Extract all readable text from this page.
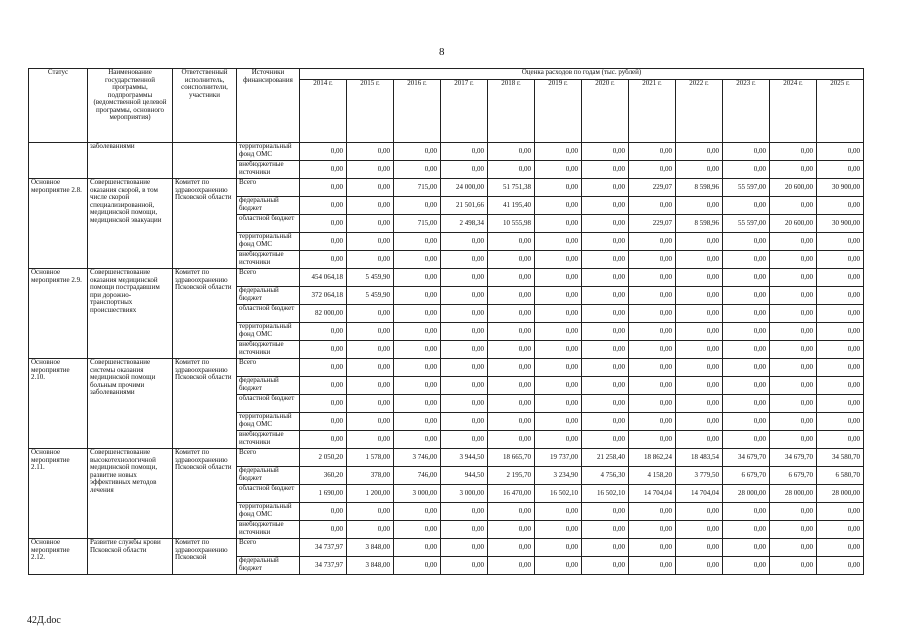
8
Статус	Наименование государственной программы, подпрограммы (ведомственной целевой программы, основного мероприятия)	Ответственный исполнитель, соисполнители, участники	Источники финансирования	Оценка расходов по годам (тыс. рублей)											
				2014 г.	2015 г.	2016 г.	2017 г.	2018 г.	2019 г.	2020 г.	2021 г.	2022 г.	2023 г.	2024 г.	2025 г.
	заболеваниями		территориальный фонд ОМС	0,00	0,00	0,00	0,00	0,00	0,00	0,00	0,00	0,00	0,00	0,00	0,00
			внебюджетные источники	0,00	0,00	0,00	0,00	0,00	0,00	0,00	0,00	0,00	0,00	0,00	0,00
Основное мероприятие 2.8.	Совершенствование оказания скорой, в том числе скорой специализированной, медицинской помощи, медицинской эвакуации	Комитет по здравоохранению Псковской области	Всего	0,00	0,00	715,00	24 000,00	51 751,38	0,00	0,00	229,07	8 598,96	55 597,00	20 600,00	30 900,00
			федеральный бюджет	0,00	0,00	0,00	21 501,66	41 195,40	0,00	0,00	0,00	0,00	0,00	0,00	0,00
			областной бюджет	0,00	0,00	715,00	2 498,34	10 555,98	0,00	0,00	229,07	8 598,96	55 597,00	20 600,00	30 900,00
			территориальный фонд ОМС	0,00	0,00	0,00	0,00	0,00	0,00	0,00	0,00	0,00	0,00	0,00	0,00
			внебюджетные источники	0,00	0,00	0,00	0,00	0,00	0,00	0,00	0,00	0,00	0,00	0,00	0,00
Основное мероприятие 2.9.	Совершенствование оказания медицинской помощи пострадавшим при дорожно-транспортных происшествиях	Комитет по здравоохранению Псковской области	Всего	454 064,18	5 459,90	0,00	0,00	0,00	0,00	0,00	0,00	0,00	0,00	0,00	0,00
			федеральный бюджет	372 064,18	5 459,90	0,00	0,00	0,00	0,00	0,00	0,00	0,00	0,00	0,00	0,00
			областной бюджет	82 000,00	0,00	0,00	0,00	0,00	0,00	0,00	0,00	0,00	0,00	0,00	0,00
			территориальный фонд ОМС	0,00	0,00	0,00	0,00	0,00	0,00	0,00	0,00	0,00	0,00	0,00	0,00
			внебюджетные источники	0,00	0,00	0,00	0,00	0,00	0,00	0,00	0,00	0,00	0,00	0,00	0,00
Основное мероприятие 2.10.	Совершенствование системы оказания медицинской помощи больным прочими заболеваниями	Комитет по здравоохранению Псковской области	Всего	0,00	0,00	0,00	0,00	0,00	0,00	0,00	0,00	0,00	0,00	0,00	0,00
			федеральный бюджет	0,00	0,00	0,00	0,00	0,00	0,00	0,00	0,00	0,00	0,00	0,00	0,00
			областной бюджет	0,00	0,00	0,00	0,00	0,00	0,00	0,00	0,00	0,00	0,00	0,00	0,00
			территориальный фонд ОМС	0,00	0,00	0,00	0,00	0,00	0,00	0,00	0,00	0,00	0,00	0,00	0,00
			внебюджетные источники	0,00	0,00	0,00	0,00	0,00	0,00	0,00	0,00	0,00	0,00	0,00	0,00
Основное мероприятие 2.11.	Совершенствование высокотехнологичной медицинской помощи, развитие новых эффективных методов лечения	Комитет по здравоохранению Псковской области	Всего	2 050,20	1 578,00	3 746,00	3 944,50	18 665,70	19 737,00	21 258,40	18 862,24	18 483,54	34 679,70	34 679,70	34 580,70
			федеральный бюджет	360,20	378,00	746,00	944,50	2 195,70	3 234,90	4 756,30	4 158,20	3 779,50	6 679,70	6 679,70	6 580,70
			областной бюджет	1 690,00	1 200,00	3 000,00	3 000,00	16 470,00	16 502,10	16 502,10	14 704,04	14 704,04	28 000,00	28 000,00	28 000,00
			территориальный фонд ОМС	0,00	0,00	0,00	0,00	0,00	0,00	0,00	0,00	0,00	0,00	0,00	0,00
			внебюджетные источники	0,00	0,00	0,00	0,00	0,00	0,00	0,00	0,00	0,00	0,00	0,00	0,00
Основное мероприятие 2.12.	Развитие службы крови Псковской области	Комитет по здравоохранению Псковской	Всего	34 737,97	3 848,00	0,00	0,00	0,00	0,00	0,00	0,00	0,00	0,00	0,00	0,00
			федеральный бюджет	34 737,97	3 848,00	0,00	0,00	0,00	0,00	0,00	0,00	0,00	0,00	0,00	0,00
42Д.doc
